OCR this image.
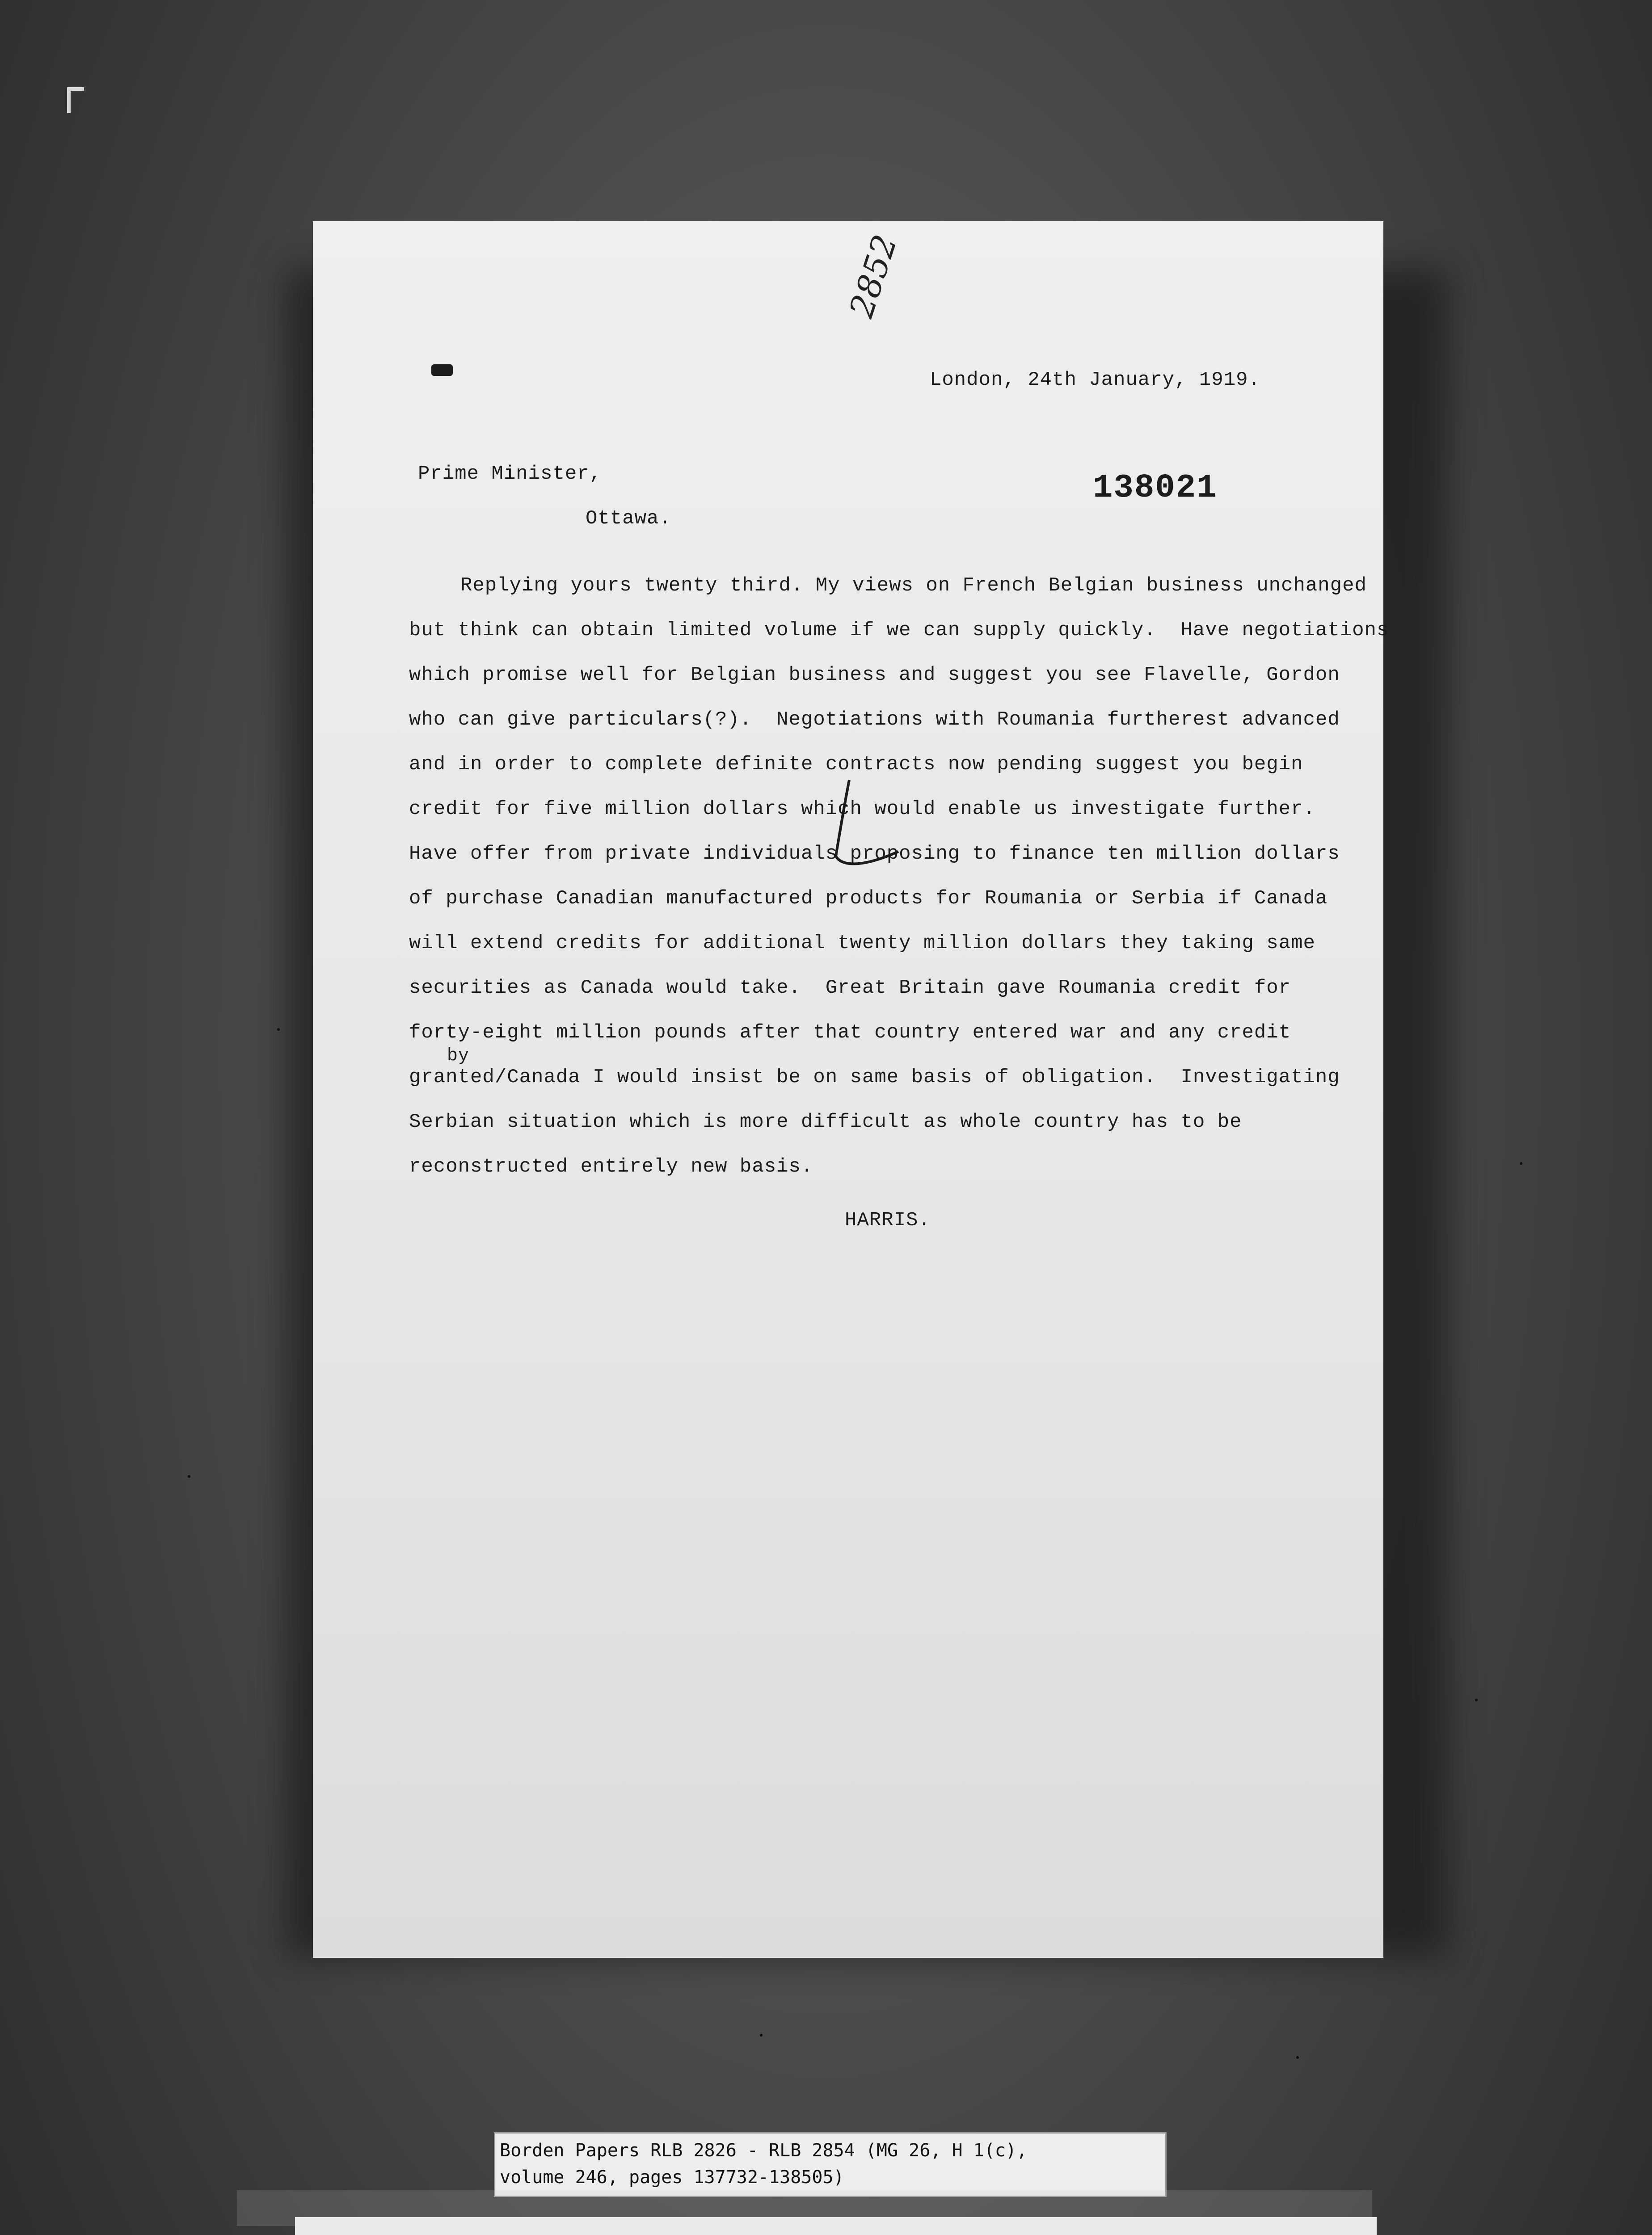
2852
London, 24th January, 1919.
Prime Minister,	138021
Ottawa.
Replying yours twenty third. My views on French Belgian business unchanged
but think can obtain limited volume if we can supply quickly.  Have negotiations
which promise well for Belgian business and suggest you see Flavelle, Gordon
who can give particulars(?).  Negotiations with Roumania furtherest advanced
and in order to complete definite contracts now pending suggest you begin
credit for five million dollars which would enable us investigate further.
Have offer from private individuals proposing to finance ten million dollars
of purchase Canadian manufactured products for Roumania or Serbia if Canada
will extend credits for additional twenty million dollars they taking same
securities as Canada would take.  Great Britain gave Roumania credit for
forty-eight million pounds after that country entered war and any credit
by
granted/Canada I would insist be on same basis of obligation.  Investigating
Serbian situation which is more difficult as whole country has to be
reconstructed entirely new basis.
HARRIS.
Borden Papers RLB 2826 - RLB 2854 (MG 26, H 1(c),
volume 246, pages 137732-138505)
